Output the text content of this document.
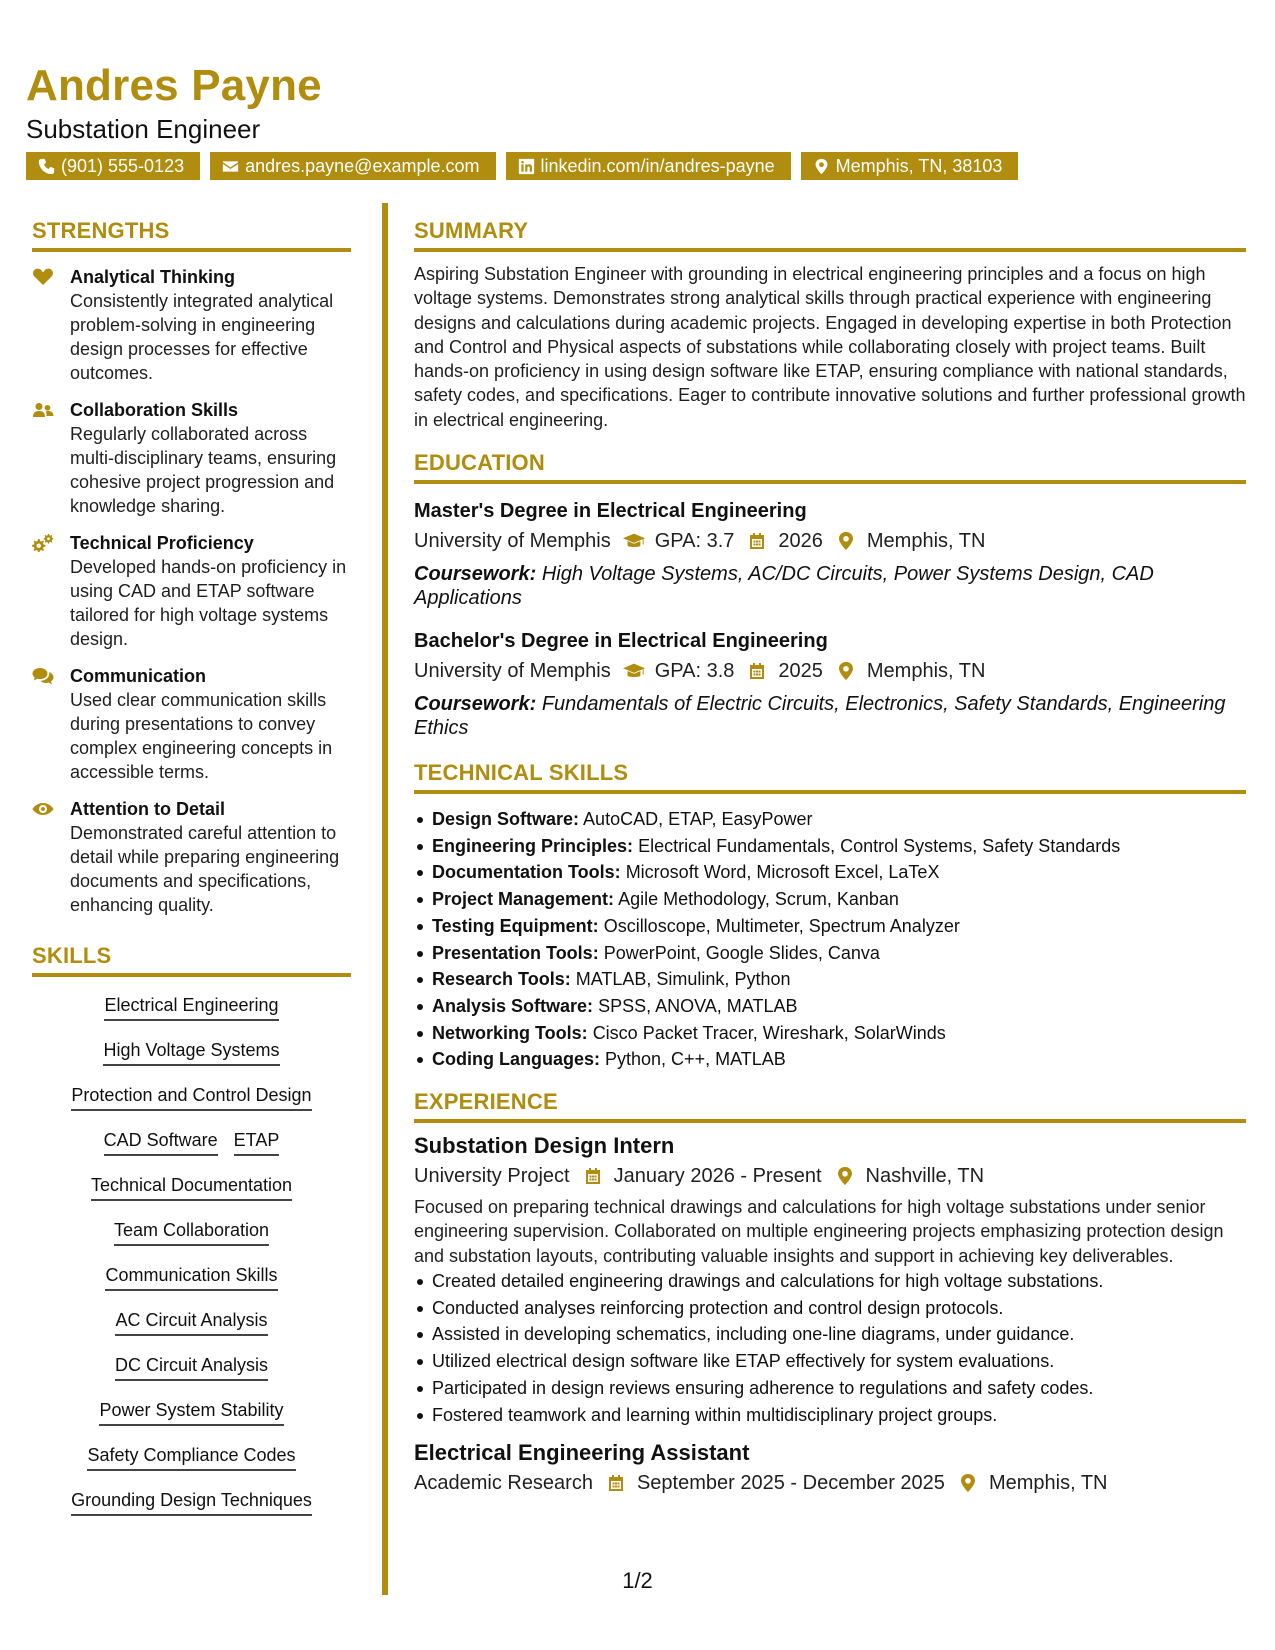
Andres Payne
Substation Engineer
(901) 555-0123	andres.payne@example.com	linkedin.com/in/andres-payne	Memphis, TN, 38103
STRENGTHS
Analytical Thinking
Consistently integrated analytical problem-solving in engineering design processes for effective outcomes.
Collaboration Skills
Regularly collaborated across multi-disciplinary teams, ensuring cohesive project progression and knowledge sharing.
Technical Proficiency
Developed hands-on proficiency in using CAD and ETAP software tailored for high voltage systems design.
Communication
Used clear communication skills during presentations to convey complex engineering concepts in accessible terms.
Attention to Detail
Demonstrated careful attention to detail while preparing engineering documents and specifications, enhancing quality.
SKILLS
Electrical Engineering
High Voltage Systems
Protection and Control Design
CAD Software ETAP
Technical Documentation
Team Collaboration
Communication Skills
AC Circuit Analysis
DC Circuit Analysis
Power System Stability
Safety Compliance Codes
Grounding Design Techniques
SUMMARY
Aspiring Substation Engineer with grounding in electrical engineering principles and a focus on high voltage systems. Demonstrates strong analytical skills through practical experience with engineering designs and calculations during academic projects. Engaged in developing expertise in both Protection and Control and Physical aspects of substations while collaborating closely with project teams. Built hands-on proficiency in using design software like ETAP, ensuring compliance with national standards, safety codes, and specifications. Eager to contribute innovative solutions and further professional growth in electrical engineering.
EDUCATION
Master's Degree in Electrical Engineering
University of Memphis GPA: 3.7 2026 Memphis, TN
Coursework: High Voltage Systems, AC/DC Circuits, Power Systems Design, CAD Applications
Bachelor's Degree in Electrical Engineering
University of Memphis GPA: 3.8 2025 Memphis, TN
Coursework: Fundamentals of Electric Circuits, Electronics, Safety Standards, Engineering Ethics
TECHNICAL SKILLS
Design Software: AutoCAD, ETAP, EasyPower
Engineering Principles: Electrical Fundamentals, Control Systems, Safety Standards
Documentation Tools: Microsoft Word, Microsoft Excel, LaTeX
Project Management: Agile Methodology, Scrum, Kanban
Testing Equipment: Oscilloscope, Multimeter, Spectrum Analyzer
Presentation Tools: PowerPoint, Google Slides, Canva
Research Tools: MATLAB, Simulink, Python
Analysis Software: SPSS, ANOVA, MATLAB
Networking Tools: Cisco Packet Tracer, Wireshark, SolarWinds
Coding Languages: Python, C++, MATLAB
EXPERIENCE
Substation Design Intern
University Project January 2026 - Present Nashville, TN
Focused on preparing technical drawings and calculations for high voltage substations under senior engineering supervision. Collaborated on multiple engineering projects emphasizing protection design and substation layouts, contributing valuable insights and support in achieving key deliverables.
Created detailed engineering drawings and calculations for high voltage substations.
Conducted analyses reinforcing protection and control design protocols.
Assisted in developing schematics, including one-line diagrams, under guidance.
Utilized electrical design software like ETAP effectively for system evaluations.
Participated in design reviews ensuring adherence to regulations and safety codes.
Fostered teamwork and learning within multidisciplinary project groups.
Electrical Engineering Assistant
Academic Research September 2025 - December 2025 Memphis, TN
1/2
